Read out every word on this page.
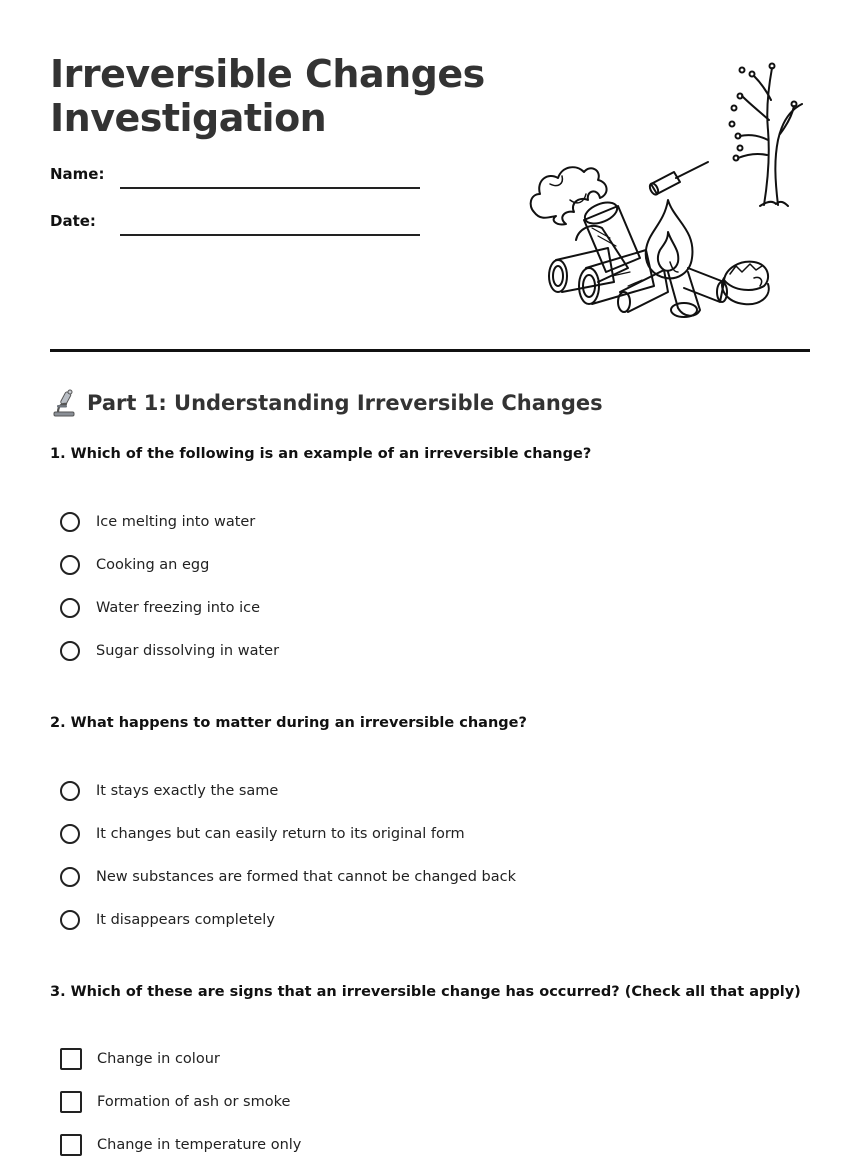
Irreversible Changes
Investigation
Name:
Date:
Part 1: Understanding Irreversible Changes

1. Which of the following is an example of an irreversible change?

Ice melting into water
Cooking an egg
Water freezing into ice
Sugar dissolving in water

2. What happens to matter during an irreversible change?

It stays exactly the same
It changes but can easily return to its original form
New substances are formed that cannot be changed back
It disappears completely

3. Which of these are signs that an irreversible change has occurred? (Check all that apply)

Change in colour
Formation of ash or smoke
Change in temperature only
